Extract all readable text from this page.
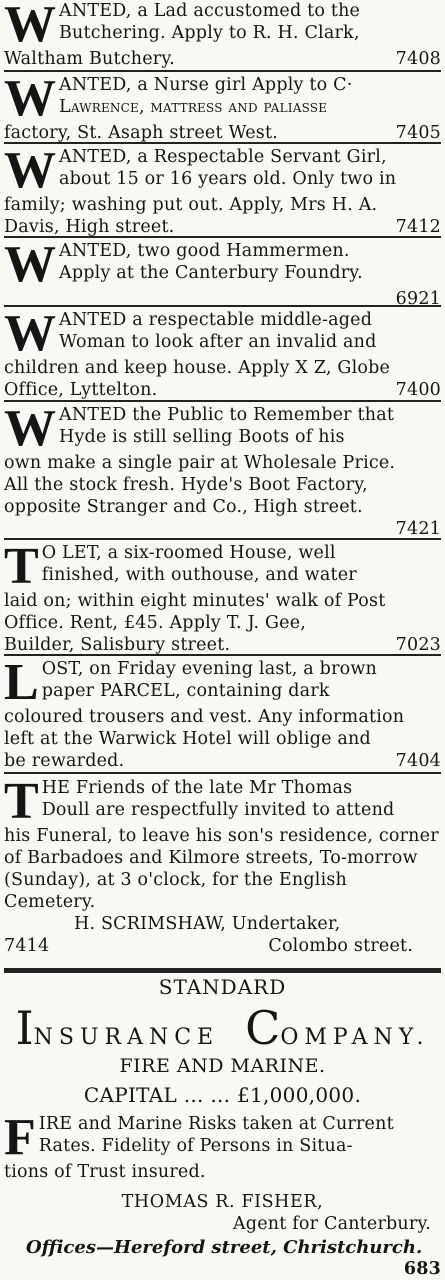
W ANTED, a Lad accustomed to the
Butchering. Apply to R. H. Clark,
Waltham Butchery.	7408
W ANTED, a Nurse girl Apply to C·
Lawrence, mattress and paliasse
factory, St. Asaph street West.	7405
W ANTED, a Respectable Servant Girl,
about 15 or 16 years old. Only two in
family; washing put out. Apply, Mrs H. A.
Davis, High street.	7412
W ANTED, two good Hammermen.
Apply at the Canterbury Foundry.
6921
W ANTED a respectable middle-aged
Woman to look after an invalid and
children and keep house. Apply X Z, Globe
Office, Lyttelton.	7400
W ANTED the Public to Remember that
Hyde is still selling Boots of his
own make a single pair at Wholesale Price.
All the stock fresh. Hyde's Boot Factory,
opposite Stranger and Co., High street.
7421
T O LET, a six-roomed House, well
finished, with outhouse, and water
laid on; within eight minutes' walk of Post
Office. Rent, £45. Apply T. J. Gee,
Builder, Salisbury street.	7023
L OST, on Friday evening last, a brown
paper PARCEL, containing dark
coloured trousers and vest. Any information
left at the Warwick Hotel will oblige and
be rewarded.	7404
T HE Friends of the late Mr Thomas
Doull are respectfully invited to attend
his Funeral, to leave his son's residence, corner
of Barbadoes and Kilmore streets, To-morrow
(Sunday), at 3 o'clock, for the English
Cemetery.
H. SCRIMSHAW, Undertaker,
7414	Colombo street.
STANDARD
INSURANCE COMPANY.
FIRE AND MARINE.
CAPITAL ... ... £1,000,000.
F IRE and Marine Risks taken at Current
Rates. Fidelity of Persons in Situa-
tions of Trust insured.
THOMAS R. FISHER,
Agent for Canterbury.
Offices—Hereford street, Christchurch.
683
